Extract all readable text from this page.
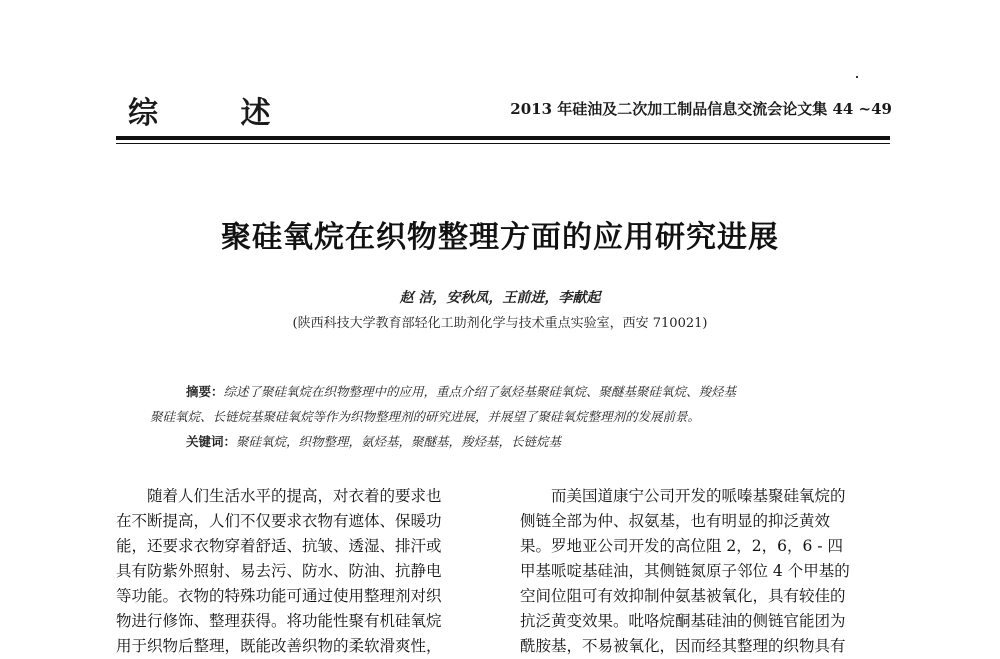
综 述	2013 年硅油及二次加工制品信息交流会论文集 44 ~49
聚硅氧烷在织物整理方面的应用研究进展
赵 洁，安秋凤，王前进，李献起
(陕西科技大学教育部轻化工助剂化学与技术重点实验室，西安 710021)
摘要：综述了聚硅氧烷在织物整理中的应用，重点介绍了氨烃基聚硅氧烷、聚醚基聚硅氧烷、羧烃基
聚硅氧烷、长链烷基聚硅氧烷等作为织物整理剂的研究进展，并展望了聚硅氧烷整理剂的发展前景。
关键词：聚硅氧烷，织物整理，氨烃基，聚醚基，羧烃基，长链烷基
随着人们生活水平的提高，对衣着的要求也
在不断提高，人们不仅要求衣物有遮体、保暖功
能，还要求衣物穿着舒适、抗皱、透湿、排汗或
具有防紫外照射、易去污、防水、防油、抗静电
等功能。衣物的特殊功能可通过使用整理剂对织
物进行修饰、整理获得。将功能性聚有机硅氧烷
用于织物后整理，既能改善织物的柔软滑爽性，
而美国道康宁公司开发的哌嗪基聚硅氧烷的
侧链全部为仲、叔氨基，也有明显的抑泛黄效
果。罗地亚公司开发的高位阻 2，2，6，6 - 四
甲基哌啶基硅油，其侧链氮原子邻位 4 个甲基的
空间位阻可有效抑制仲氨基被氧化，具有较佳的
抗泛黄变效果。吡咯烷酮基硅油的侧链官能团为
酰胺基，不易被氧化，因而经其整理的织物具有
